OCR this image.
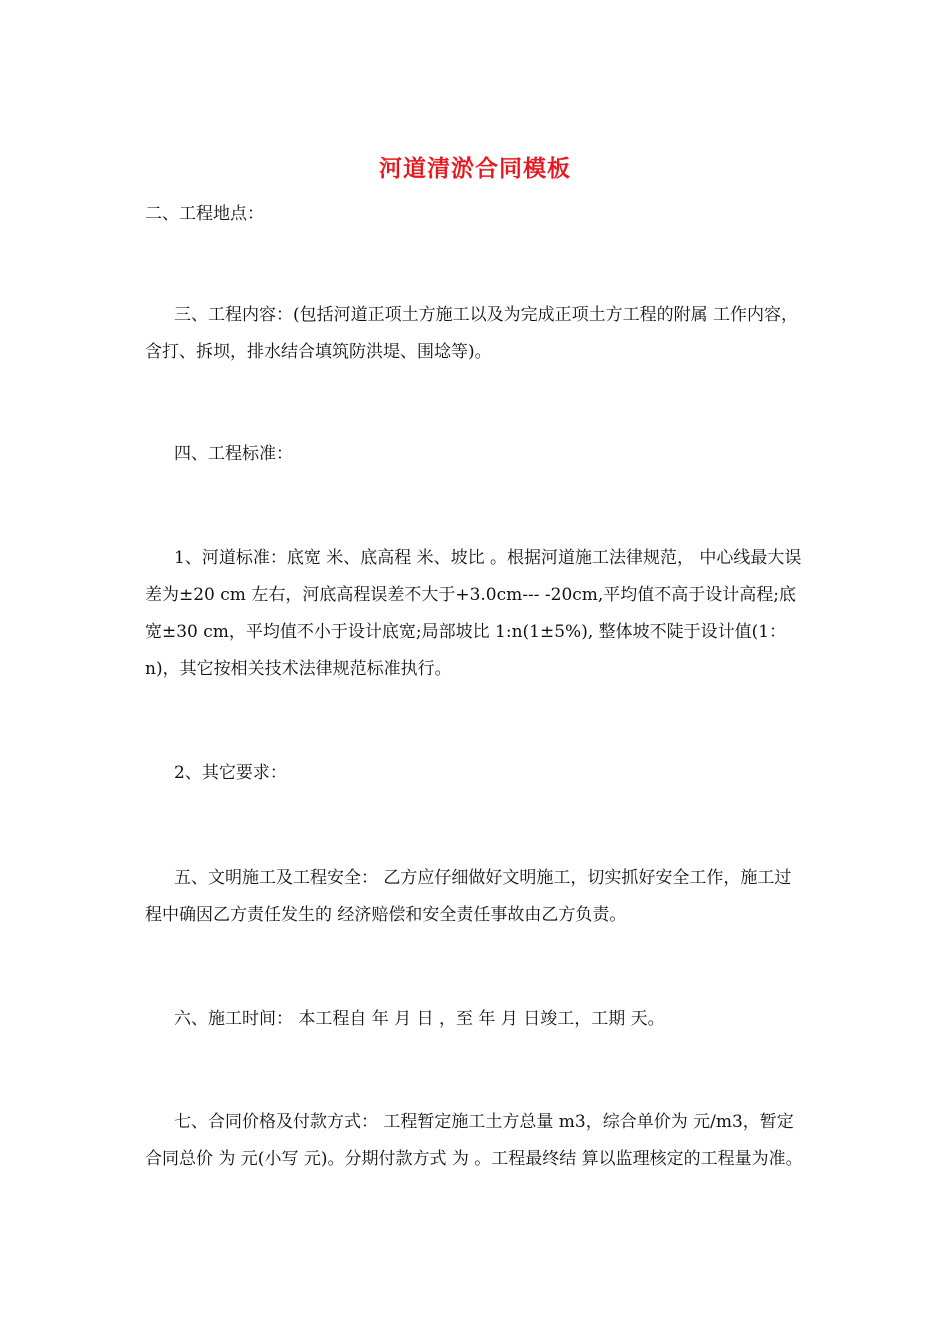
河道清淤合同模板

二、工程地点：

三、工程内容：(包括河道正项土方施工以及为完成正项土方工程的附属 工作内容，含打、拆坝，排水结合填筑防洪堤、围埝等)。

四、工程标准：

1、河道标准：底宽 米、底高程 米、坡比 。根据河道施工法律规范， 中心线最大误差为±20 cm 左右，河底高程误差不大于+3.0cm--- -20cm,平均值不高于设计高程;底宽±30 cm，平均值不小于设计底宽;局部坡比 1:n(1±5%), 整体坡不陡于设计值(1：n)，其它按相关技术法律规范标准执行。

2、其它要求：

五、文明施工及工程安全： 乙方应仔细做好文明施工，切实抓好安全工作，施工过程中确因乙方责任发生的 经济赔偿和安全责任事故由乙方负责。

六、施工时间： 本工程自 年 月 日 ，至 年 月 日竣工，工期 天。

七、合同价格及付款方式： 工程暂定施工土方总量 m3，综合单价为 元/m3，暂定合同总价 为 元(小写 元)。分期付款方式 为 。工程最终结 算以监理核定的工程量为准。
